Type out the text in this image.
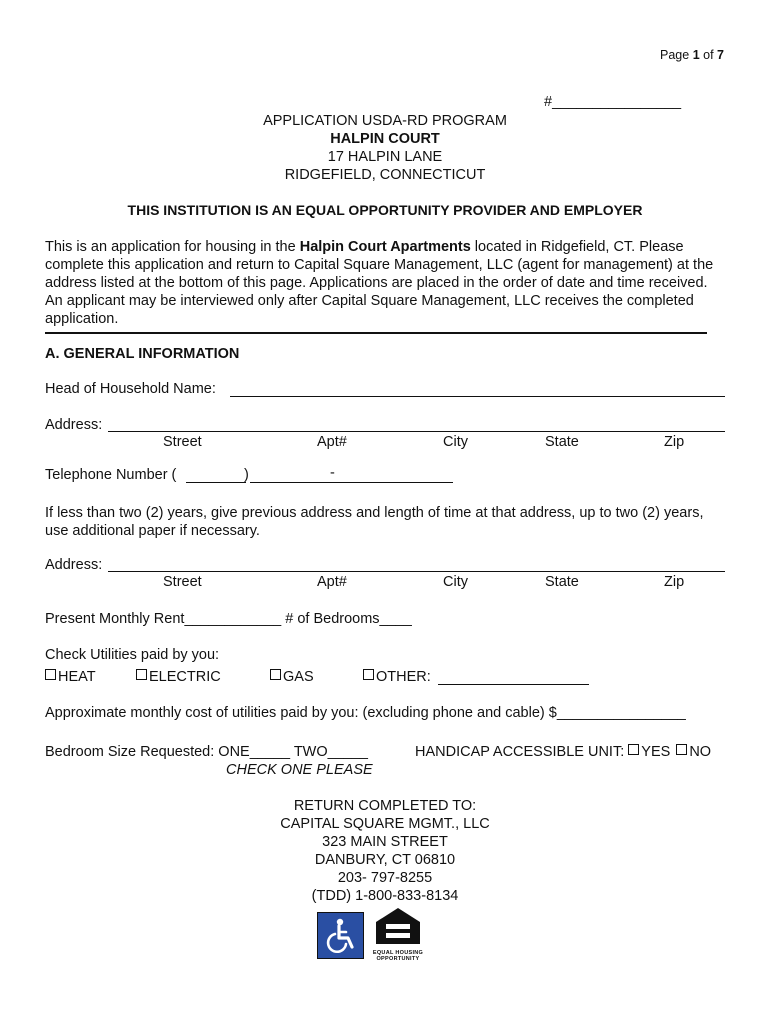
Page 1 of 7
#________________
APPLICATION USDA-RD PROGRAM
HALPIN COURT
17 HALPIN LANE
RIDGEFIELD, CONNECTICUT
THIS INSTITUTION IS AN EQUAL OPPORTUNITY PROVIDER AND EMPLOYER
This is an application for housing in the Halpin Court Apartments located in Ridgefield, CT. Please complete this application and return to Capital Square Management, LLC (agent for management) at the address listed at the bottom of this page. Applications are placed in the order of date and time received. An applicant may be interviewed only after Capital Square Management, LLC receives the completed application.
A. GENERAL INFORMATION
Head of Household Name:
Address:
Street	Apt#	City	State	Zip
Telephone Number (	)	-
If less than two (2) years, give previous address and length of time at that address, up to two (2) years, use additional paper if necessary.
Address:
Street	Apt#	City	State	Zip
Present Monthly Rent____________ # of Bedrooms____
Check Utilities paid by you:
HEAT	ELECTRIC	GAS	OTHER:
Approximate monthly cost of utilities paid by you: (excluding phone and cable) $________________
Bedroom Size Requested: ONE_____ TWO_____
CHECK ONE PLEASE
HANDICAP ACCESSIBLE UNIT: YES NO
RETURN COMPLETED TO:
CAPITAL SQUARE MGMT., LLC
323 MAIN STREET
DANBURY, CT 06810
203- 797-8255
(TDD) 1-800-833-8134
EQUAL HOUSING
OPPORTUNITY
